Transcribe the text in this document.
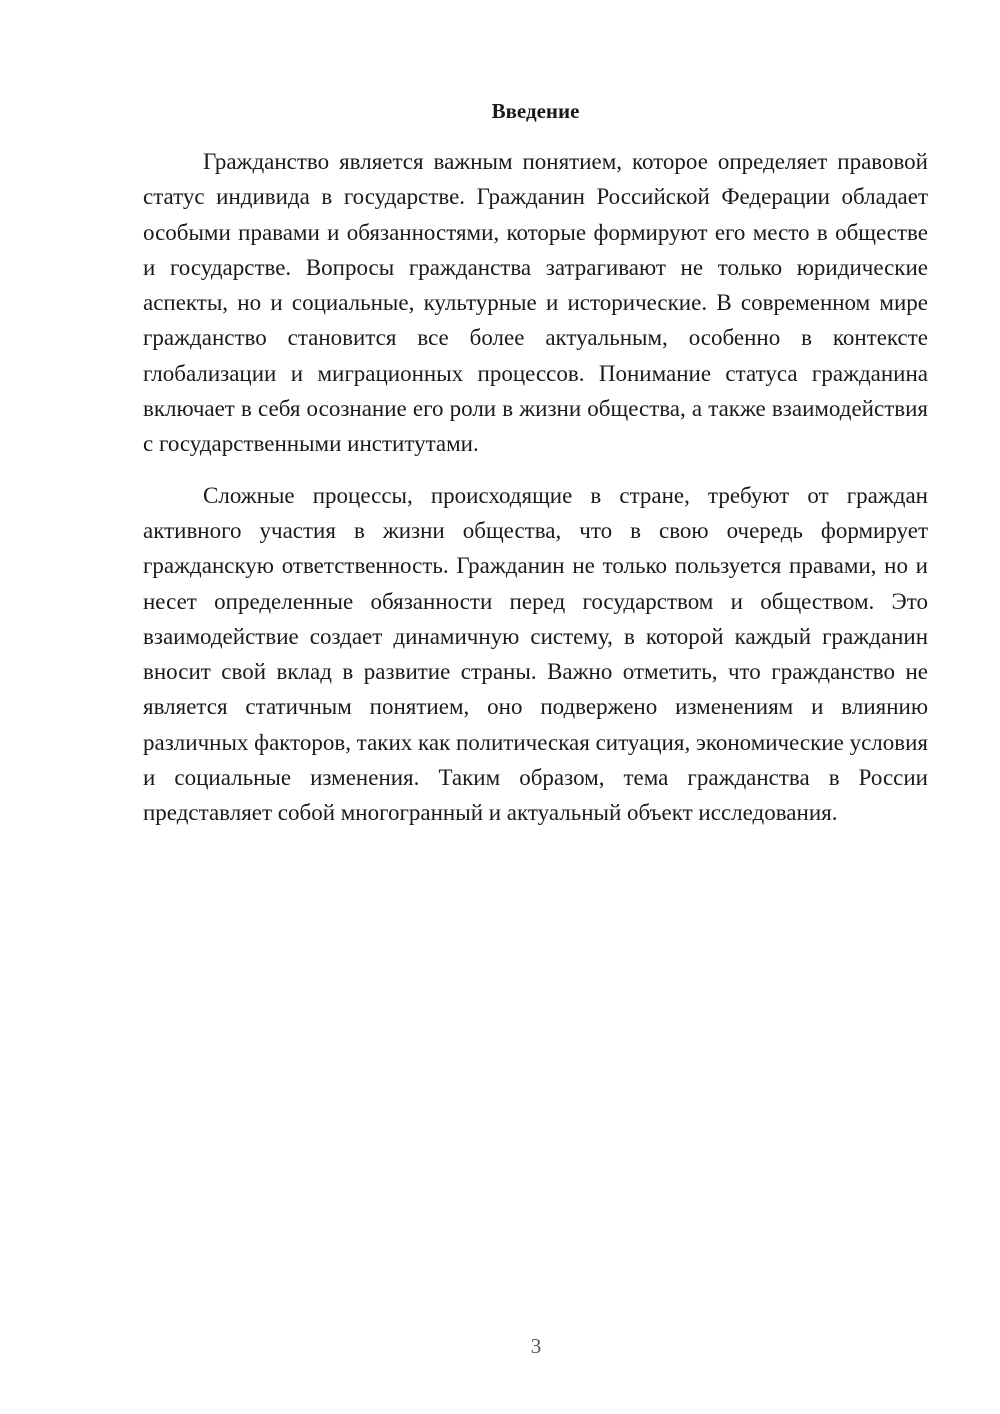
Введение

Гражданство является важным понятием, которое определяет правовой статус индивида в государстве. Гражданин Российской Федерации обладает особыми правами и обязанностями, которые формируют его место в обществе и государстве. Вопросы гражданства затрагивают не только юридические аспекты, но и социальные, культурные и исторические. В современном мире гражданство становится все более актуальным, особенно в контексте глобализации и миграционных процессов. Понимание статуса гражданина включает в себя осознание его роли в жизни общества, а также взаимодействия с государственными институтами.

Сложные процессы, происходящие в стране, требуют от граждан активного участия в жизни общества, что в свою очередь формирует гражданскую ответственность. Гражданин не только пользуется правами, но и несет определенные обязанности перед государством и обществом. Это взаимодействие создает динамичную систему, в которой каждый гражданин вносит свой вклад в развитие страны. Важно отметить, что гражданство не является статичным понятием, оно подвержено изменениям и влиянию различных факторов, таких как политическая ситуация, экономические условия и социальные изменения. Таким образом, тема гражданства в России представляет собой многогранный и актуальный объект исследования.

3
